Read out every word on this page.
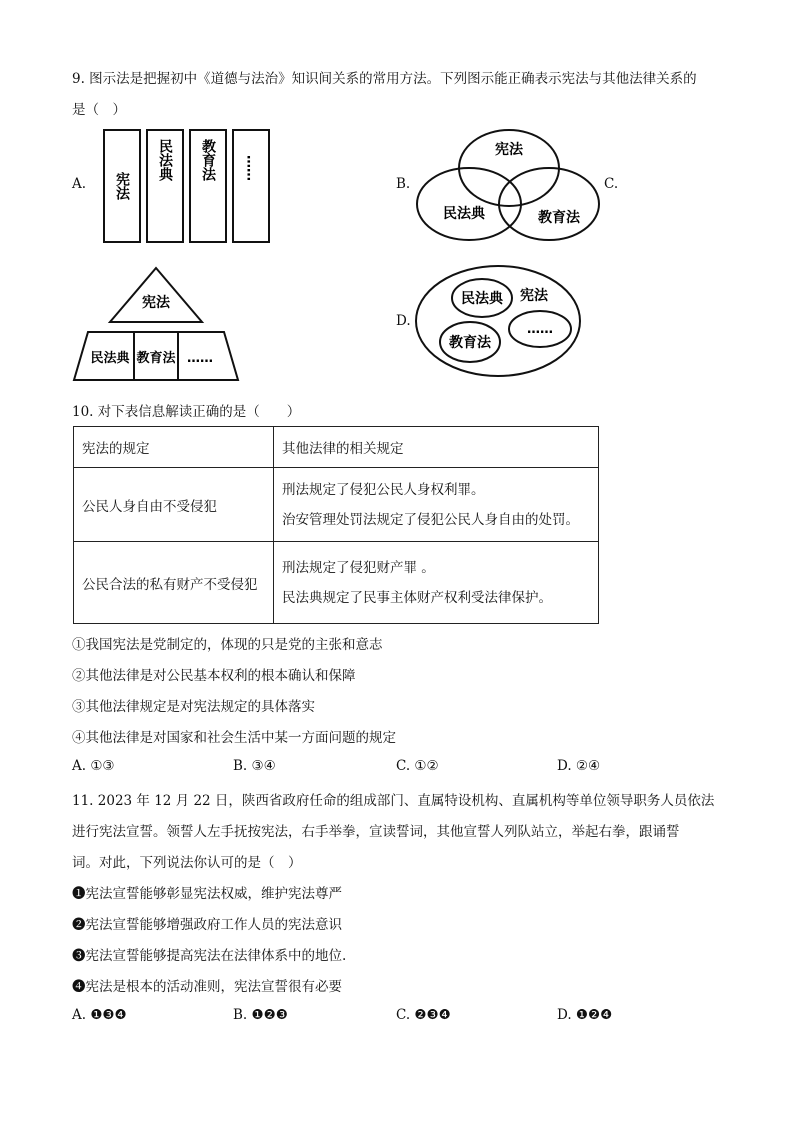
9. 图示法是把握初中《道德与法治》知识间关系的常用方法。下列图示能正确表示宪法与其他法律关系的
是（　）
A. 宪法
民法典 教育法 ……
B.
宪法
民法典	教育法
C.
宪法
民法典 教育法 ……
D.
民法典 宪法
……
教育法
10. 对下表信息解读正确的是（　　）
宪法的规定	其他法律的相关规定
公民人身自由不受侵犯	刑法规定了侵犯公民人身权利罪。

治安管理处罚法规定了侵犯公民人身自由的处罚。

公民合法的私有财产不受侵犯	刑法规定了侵犯财产罪 。

民法典规定了民事主体财产权利受法律保护。

①我国宪法是党制定的，体现的只是党的主张和意志
②其他法律是对公民基本权利的根本确认和保障
③其他法律规定是对宪法规定的具体落实
④其他法律是对国家和社会生活中某一方面问题的规定
A. ①③	B. ③④	C. ①②	D. ②④
11. 2023 年 12 月 22 日，陕西省政府任命的组成部门、直属特设机构、直属机构等单位领导职务人员依法
进行宪法宣誓。领誓人左手抚按宪法，右手举拳，宣读誓词，其他宣誓人列队站立，举起右拳，跟诵誓
词。对此，下列说法你认可的是（　）
❶宪法宣誓能够彰显宪法权威，维护宪法尊严
❷宪法宣誓能够增强政府工作人员的宪法意识
❸宪法宣誓能够提高宪法在法律体系中的地位.
❹宪法是根本的活动准则，宪法宣誓很有必要
A. ❶❸❹	B. ❶❷❸	C. ❷❸❹	D. ❶❷❹
